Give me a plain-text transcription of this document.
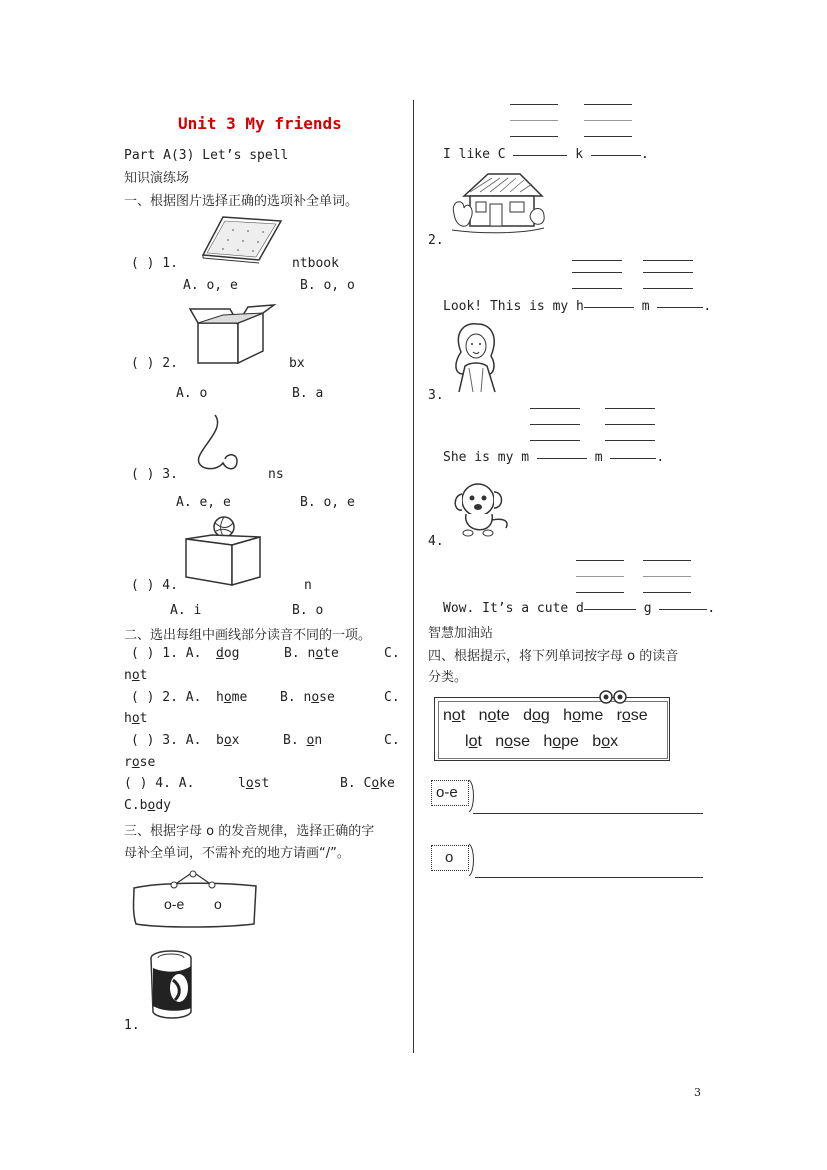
Unit 3 My friends
Part A(3) Let’s spell
知识演练场
一、根据图片选择正确的选项补全单词。
( ) 1.	ntbook
A. o, e	B. o, o
( ) 2.	bx
A. o	B. a
( ) 3.	ns
A. e, e	B. o, e
( ) 4.	n
A. i	B. o
二、选出每组中画线部分读音不同的一项。
( ) 1. A. dog	B. note	C.
not
( ) 2. A. home	B. nose	C.
hot
( ) 3. A. box	B. on	C.
rose
( ) 4. A.	lost	B. Coke
C.body
三、根据字母 o 的发音规律，选择正确的字
母补全单词，不需补充的地方请画“/”。
o-e o
1.
I like C	k	.
2.
Look! This is my h	m	.
3.
She is my m	m	.
4.
Wow. It’s a cute d	g	.
智慧加油站
四、根据提示，将下列单词按字母 o 的读音
分类。
not note dog home rose
lot nose hope box
o-e
o
3
